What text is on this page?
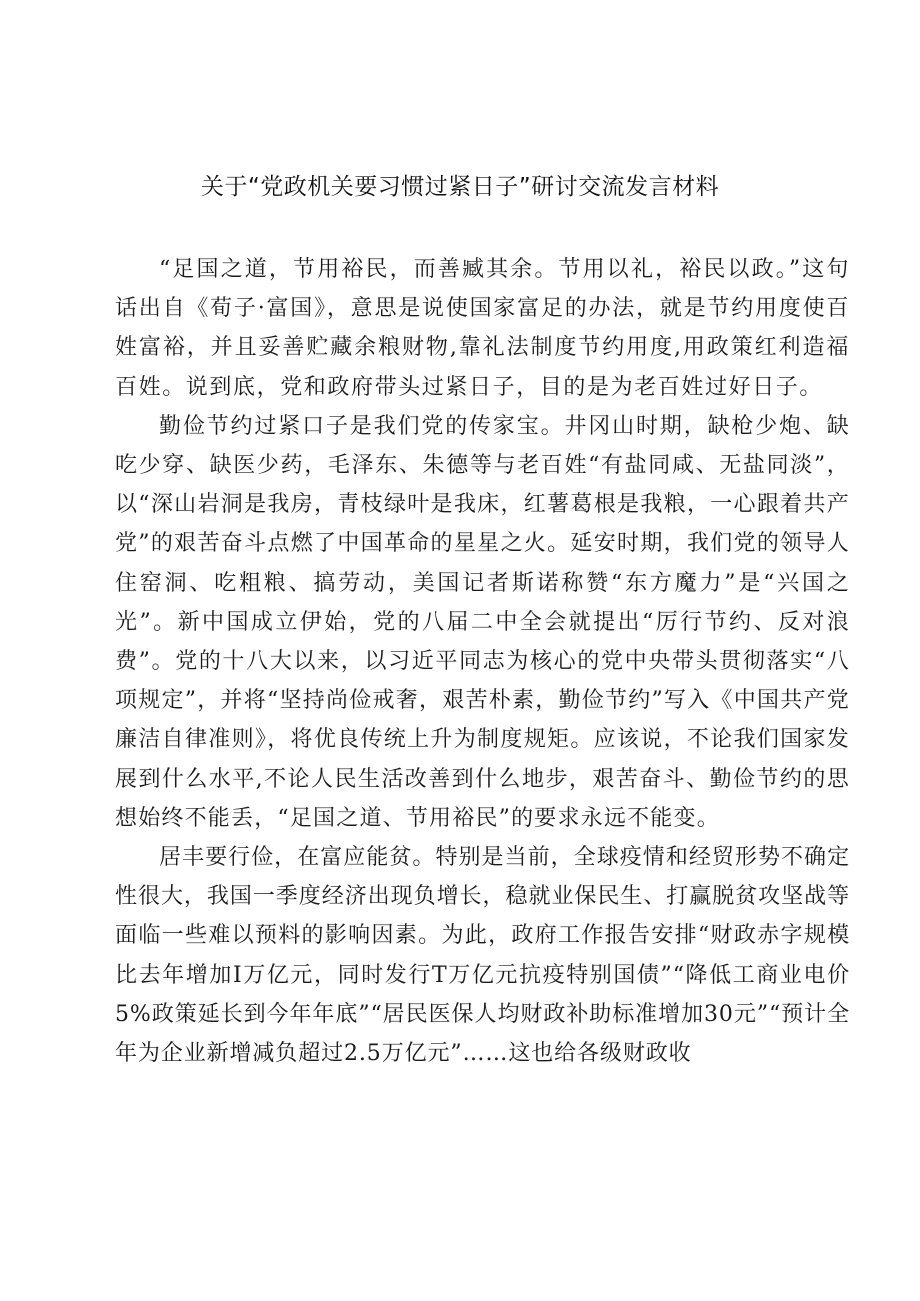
关于“党政机关要习惯过紧日子”研讨交流发言材料

“足国之道，节用裕民，而善臧其余。节用以礼，裕民以政。”这句话出自《荀子·富国》，意思是说使国家富足的办法，就是节约用度使百姓富裕，并且妥善贮藏余粮财物,靠礼法制度节约用度,用政策红利造福百姓。说到底，党和政府带头过紧日子，目的是为老百姓过好日子。

勤俭节约过紧口子是我们党的传家宝。井冈山时期，缺枪少炮、缺吃少穿、缺医少药，毛泽东、朱德等与老百姓“有盐同咸、无盐同淡”，以“深山岩洞是我房，青枝绿叶是我床，红薯葛根是我粮，一心跟着共产党”的艰苦奋斗点燃了中国革命的星星之火。延安时期，我们党的领导人住窑洞、吃粗粮、搞劳动，美国记者斯诺称赞“东方魔力”是“兴国之光”。新中国成立伊始，党的八届二中全会就提出“厉行节约、反对浪费”。党的十八大以来，以习近平同志为核心的党中央带头贯彻落实“八项规定”，并将“坚持尚俭戒奢，艰苦朴素，勤俭节约”写入《中国共产党廉洁自律准则》，将优良传统上升为制度规矩。应该说，不论我们国家发展到什么水平,不论人民生活改善到什么地步，艰苦奋斗、勤俭节约的思想始终不能丢，“足国之道、节用裕民”的要求永远不能变。

居丰要行俭，在富应能贫。特别是当前，全球疫情和经贸形势不确定性很大，我国一季度经济出现负增长，稳就业保民生、打赢脱贫攻坚战等面临一些难以预料的影响因素。为此，政府工作报告安排“财政赤字规模比去年增加I万亿元，同时发行T万亿元抗疫特别国债”“降低工商业电价5%政策延长到今年年底”“居民医保人均财政补助标准增加30元”“预计全年为企业新增减负超过2.5万亿元”……这也给各级财政收
